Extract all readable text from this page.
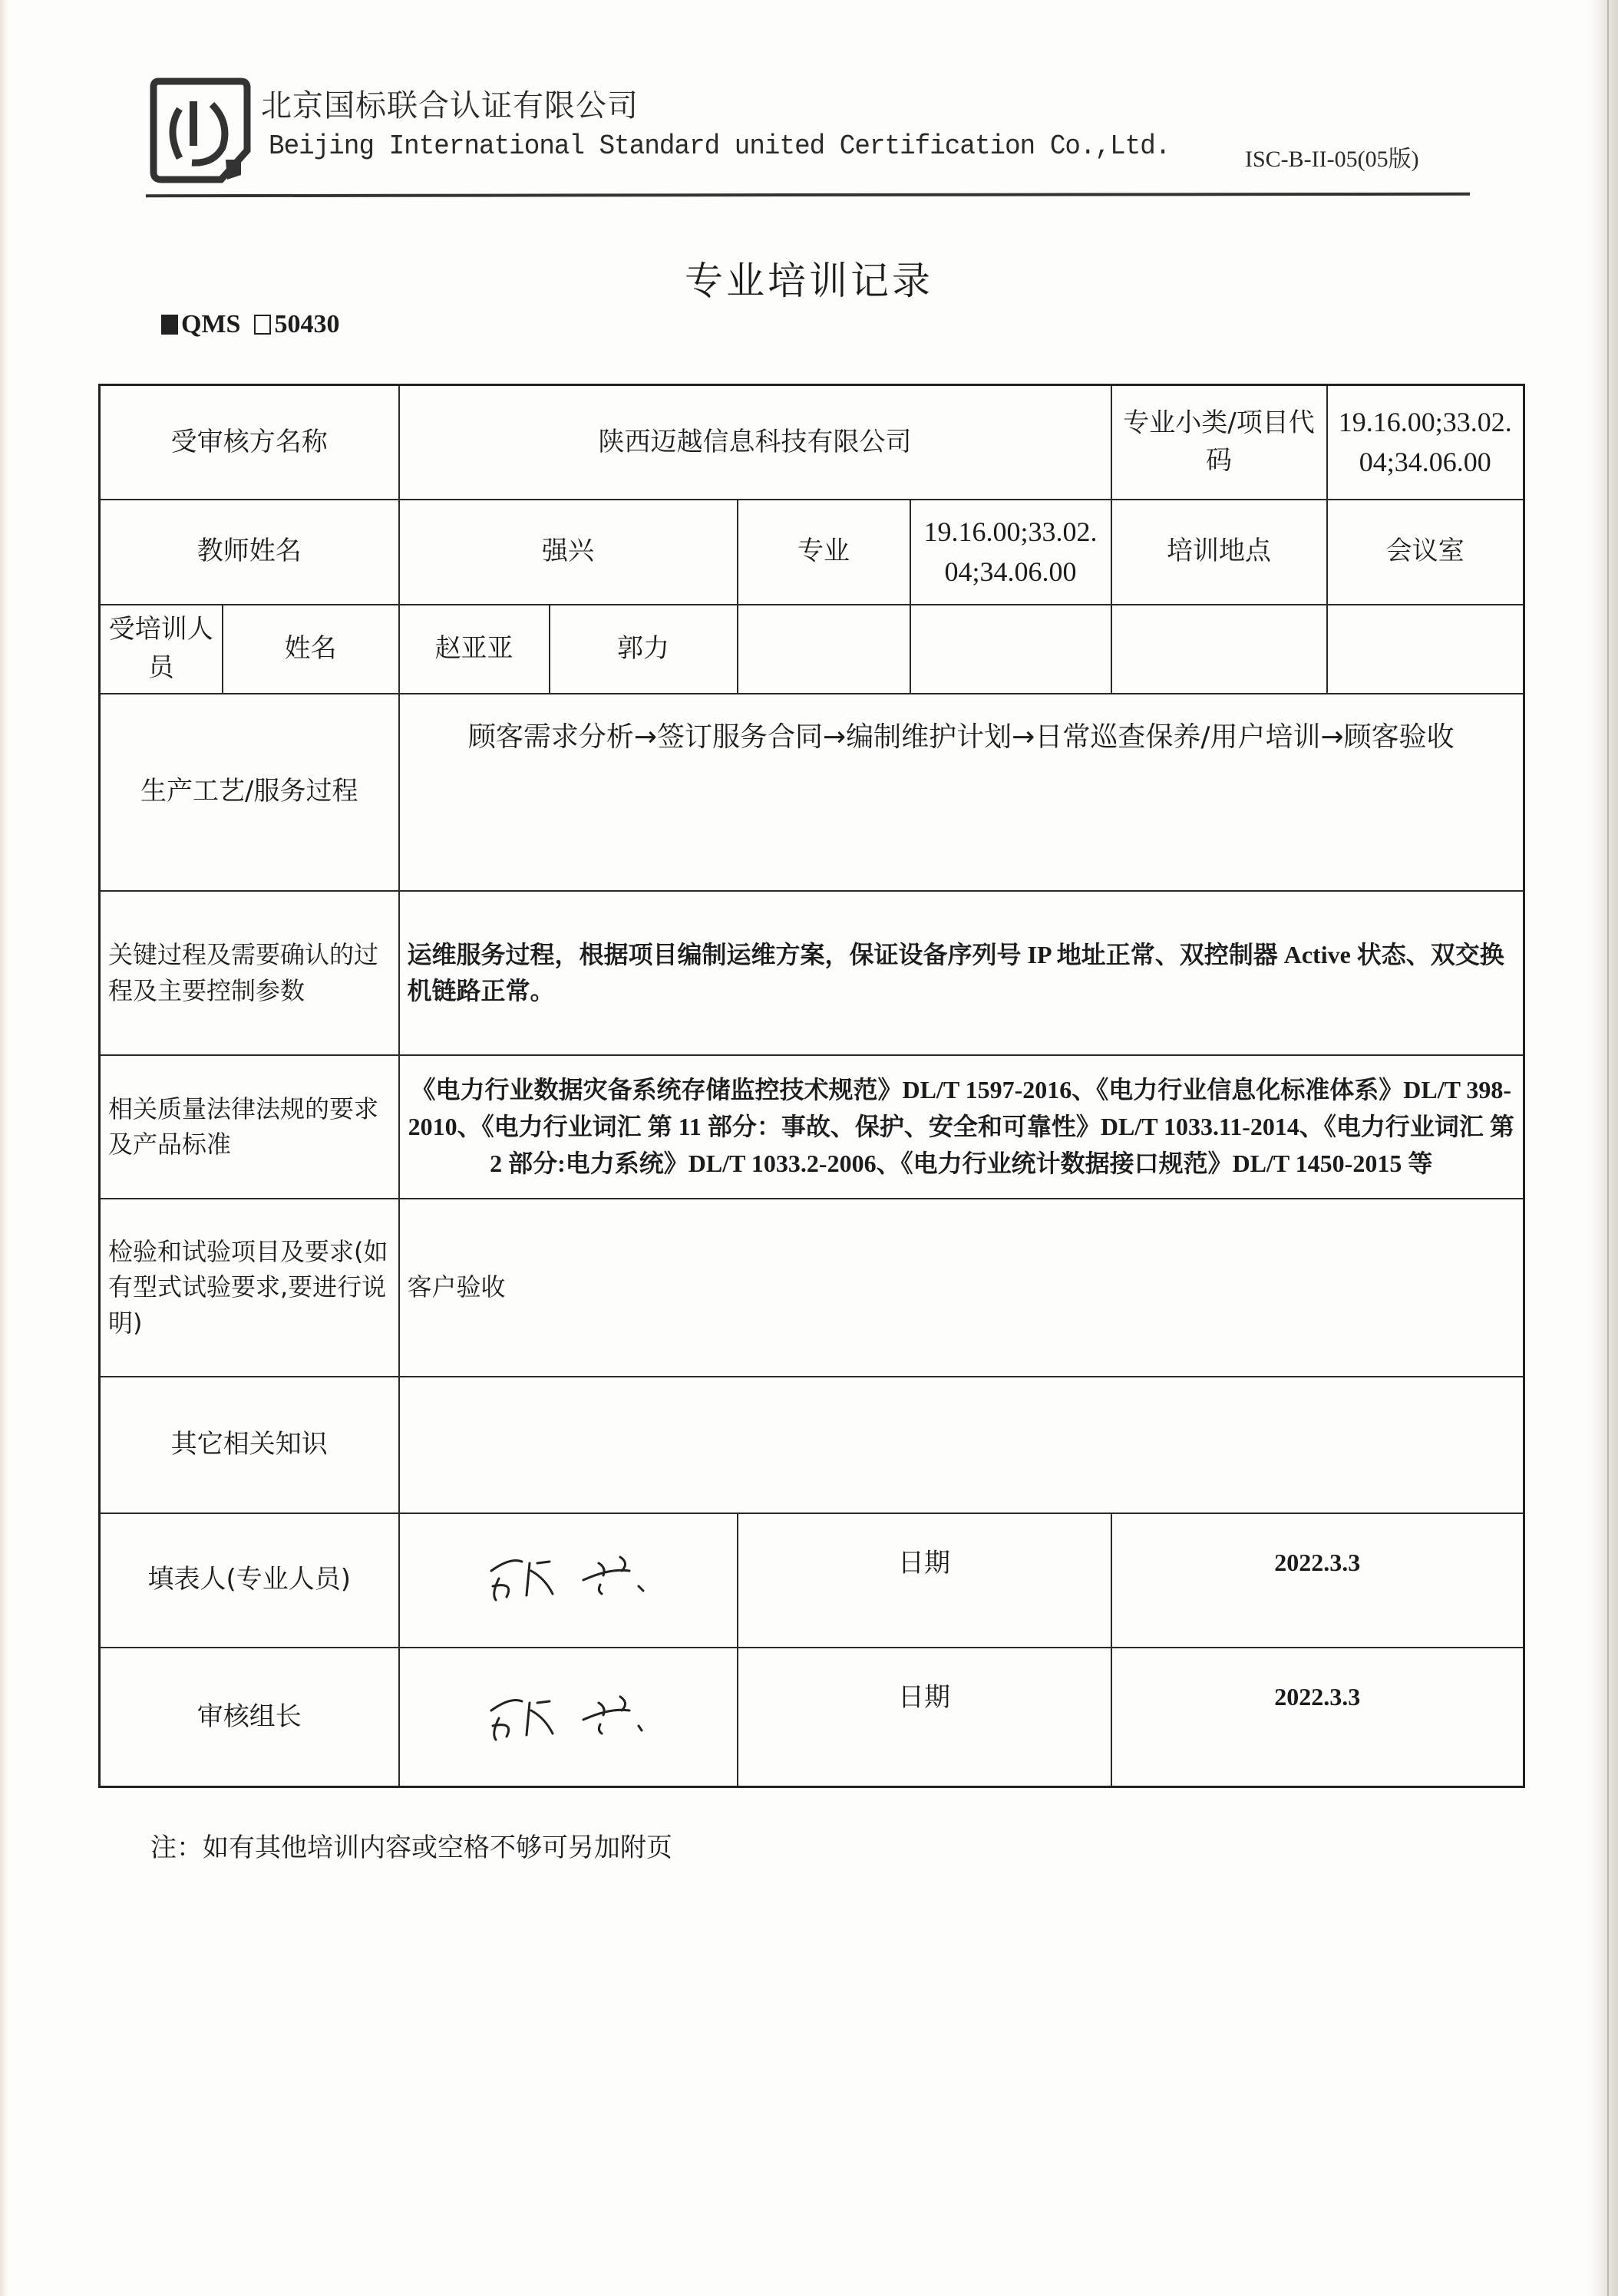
北京国标联合认证有限公司
Beijing International Standard united Certification Co.,Ltd.	ISC-B-II-05(05版)
专业培训记录
QMS 50430
受审核方名称		陕西迈越信息科技有限公司				专业小类/项目代码	19.16.00;33.02.04;34.06.00
教师姓名		强兴		专业	19.16.00;33.02.04;34.06.00	培训地点	会议室
受培训人员	姓名	赵亚亚	郭力				
生产工艺/服务过程		顾客需求分析→签订服务合同→编制维护计划→日常巡查保养/用户培训→顾客验收					
关键过程及需要确认的过程及主要控制参数		运维服务过程，根据项目编制运维方案，保证设备序列号 IP 地址正常、双控制器 Active 状态、双交换机链路正常。					
相关质量法律法规的要求及产品标准		《电力行业数据灾备系统存储监控技术规范》DL/T 1597-2016、《电力行业信息化标准体系》DL/T 398-2010、《电力行业词汇 第 11 部分：事故、保护、安全和可靠性》DL/T 1033.11-2014、《电力行业词汇 第 2 部分:电力系统》DL/T 1033.2-2006、《电力行业统计数据接口规范》DL/T 1450-2015 等					
检验和试验项目及要求(如有型式试验要求,要进行说明)		客户验收					
其它相关知识							
填表人(专业人员)				日期		2022.3.3	
审核组长				日期		2022.3.3	
注：如有其他培训内容或空格不够可另加附页
